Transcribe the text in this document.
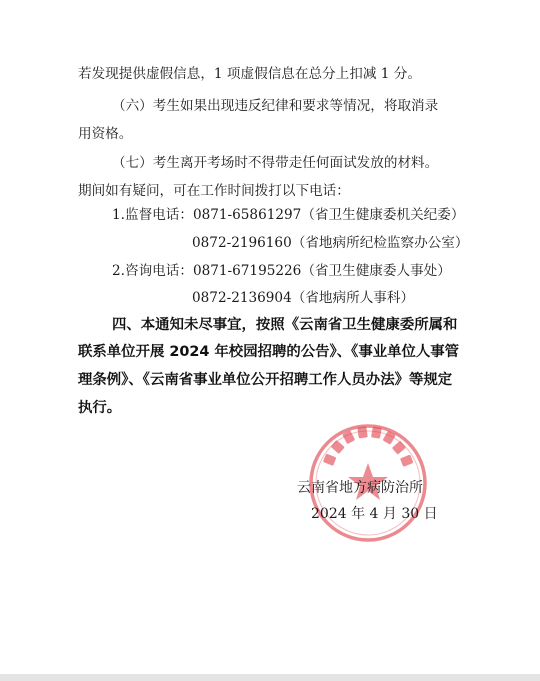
若发现提供虚假信息，1 项虚假信息在总分上扣减 1 分。
（六）考生如果出现违反纪律和要求等情况，将取消录
用资格。
（七）考生离开考场时不得带走任何面试发放的材料。
期间如有疑问，可在工作时间拨打以下电话：
1.监督电话：0871-65861297（省卫生健康委机关纪委）
0872-2196160（省地病所纪检监察办公室）
2.咨询电话：0871-67195226（省卫生健康委人事处）
0872-2136904（省地病所人事科）
四、本通知未尽事宜，按照《云南省卫生健康委所属和
联系单位开展 2024 年校园招聘的公告》、《事业单位人事管
理条例》、《云南省事业单位公开招聘工作人员办法》等规定
执行。
云南省地方病防治所
2024 年 4 月 30 日
